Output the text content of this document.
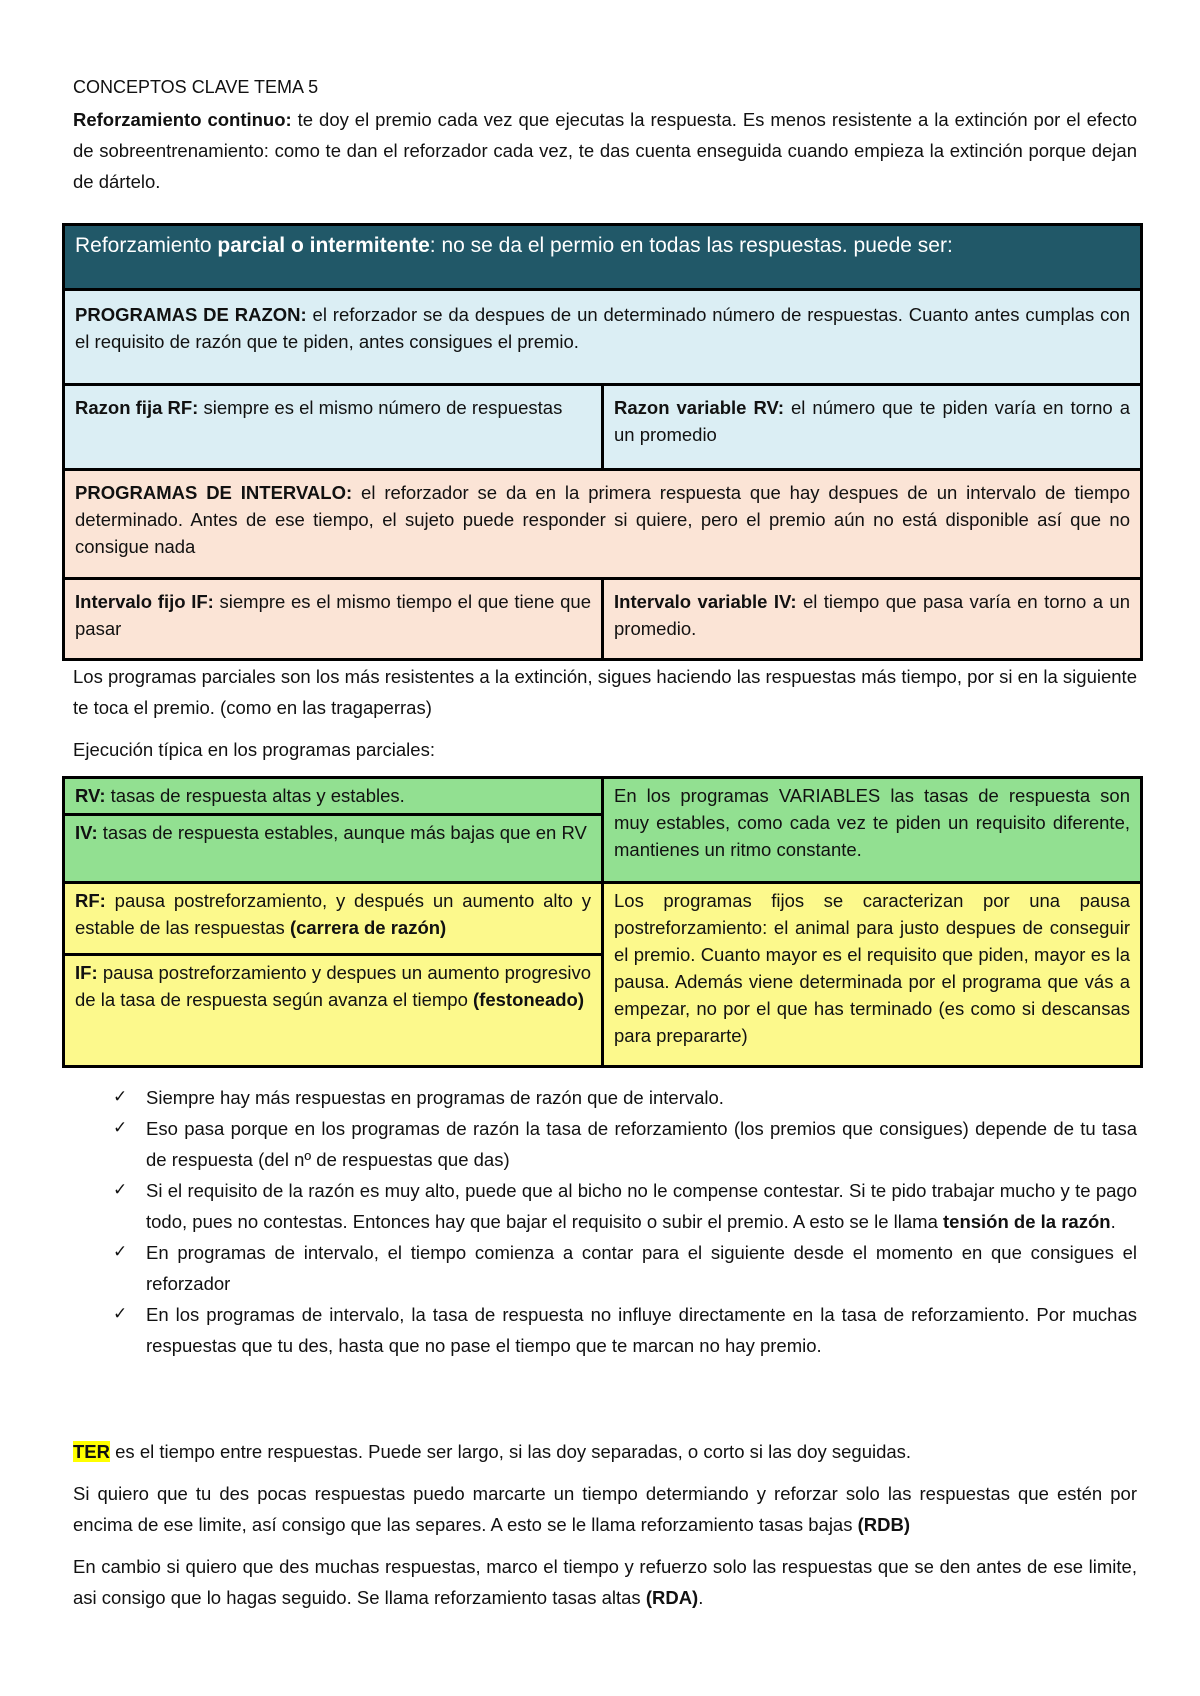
CONCEPTOS CLAVE TEMA 5
Reforzamiento continuo: te doy el premio cada vez que ejecutas la respuesta. Es menos resistente a la extinción por el efecto de sobreentrenamiento: como te dan el reforzador cada vez, te das cuenta enseguida cuando empieza la extinción porque dejan de dártelo.
Reforzamiento parcial o intermitente: no se da el permio en todas las respuestas. puede ser:	
PROGRAMAS DE RAZON: el reforzador se da despues de un determinado número de respuestas. Cuanto antes cumplas con el requisito de razón que te piden, antes consigues el premio.	
Razon fija RF: siempre es el mismo número de respuestas	Razon variable RV: el número que te piden varía en torno a un promedio
PROGRAMAS DE INTERVALO: el reforzador se da en la primera respuesta que hay despues de un intervalo de tiempo determinado. Antes de ese tiempo, el sujeto puede responder si quiere, pero el premio aún no está disponible así que no consigue nada	
Intervalo fijo IF: siempre es el mismo tiempo el que tiene que pasar	Intervalo variable IV: el tiempo que pasa varía en torno a un promedio.
Los programas parciales son los más resistentes a la extinción, sigues haciendo las respuestas más tiempo, por si en la siguiente te toca el premio. (como en las tragaperras)
Ejecución típica en los programas parciales:
RV: tasas de respuesta altas y estables.	En los programas VARIABLES las tasas de respuesta son muy estables, como cada vez te piden un requisito diferente, mantienes un ritmo constante.
IV: tasas de respuesta estables, aunque más bajas que en RV	
RF: pausa postreforzamiento, y después un aumento alto y estable de las respuestas (carrera de razón)	Los programas fijos se caracterizan por una pausa postreforzamiento: el animal para justo despues de conseguir el premio. Cuanto mayor es el requisito que piden, mayor es la pausa. Además viene determinada por el programa que vás a empezar, no por el que has terminado (es como si descansas para prepararte)
IF: pausa postreforzamiento y despues un aumento progresivo de la tasa de respuesta según avanza el tiempo (festoneado)	
✓ Siempre hay más respuestas en programas de razón que de intervalo.
✓ Eso pasa porque en los programas de razón la tasa de reforzamiento (los premios que consigues) depende de tu tasa de respuesta (del nº de respuestas que das)
✓ Si el requisito de la razón es muy alto, puede que al bicho no le compense contestar. Si te pido trabajar mucho y te pago todo, pues no contestas. Entonces hay que bajar el requisito o subir el premio. A esto se le llama tensión de la razón.
✓ En programas de intervalo, el tiempo comienza a contar para el siguiente desde el momento en que consigues el reforzador
✓ En los programas de intervalo, la tasa de respuesta no influye directamente en la tasa de reforzamiento. Por muchas respuestas que tu des, hasta que no pase el tiempo que te marcan no hay premio.
TER es el tiempo entre respuestas. Puede ser largo, si las doy separadas, o corto si las doy seguidas.
Si quiero que tu des pocas respuestas puedo marcarte un tiempo determiando y reforzar solo las respuestas que estén por encima de ese limite, así consigo que las separes. A esto se le llama reforzamiento tasas bajas (RDB)
En cambio si quiero que des muchas respuestas, marco el tiempo y refuerzo solo las respuestas que se den antes de ese limite, asi consigo que lo hagas seguido. Se llama reforzamiento tasas altas (RDA).
